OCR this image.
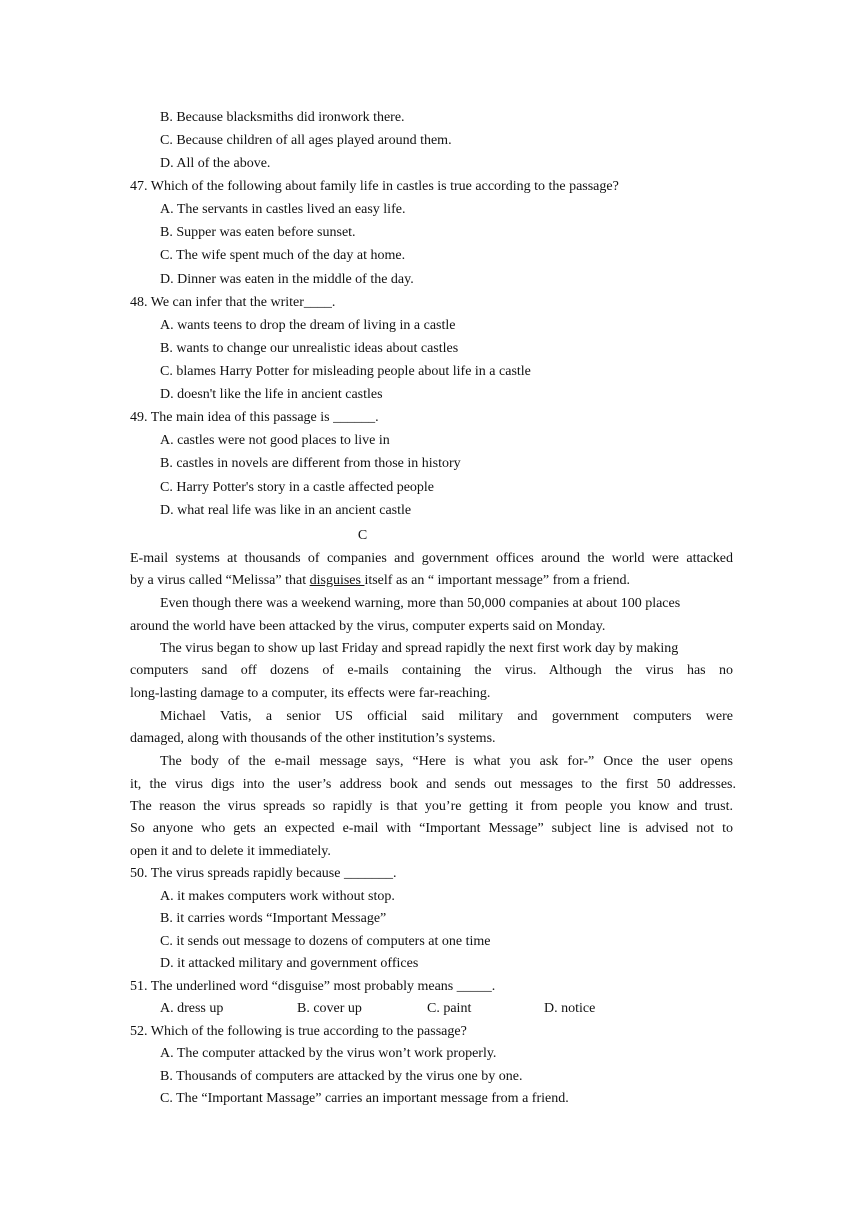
B. Because blacksmiths did ironwork there.
C. Because children of all ages played around them.
D. All of the above.
47. Which of the following about family life in castles is true according to the passage?
A. The servants in castles lived an easy life.
B. Supper was eaten before sunset.
C. The wife spent much of the day at home.
D. Dinner was eaten in the middle of the day.
48. We can infer that the writer____.
A. wants teens to drop the dream of living in a castle
B. wants to change our unrealistic ideas about castles
C. blames Harry Potter for misleading people about life in a castle
D. doesn't like the life in ancient castles
49. The main idea of this passage is ______.
A. castles were not good places to live in
B. castles in novels are different from those in history
C. Harry Potter's story in a castle affected people
D. what real life was like in an ancient castle
C
E-mail systems at thousands of companies and government offices around the world were attacked
by a virus called “Melissa” that disguises itself as an “ important message” from a friend.
Even though there was a weekend warning, more than 50,000 companies at about 100 places
around the world have been attacked by the virus, computer experts said on Monday.
The virus began to show up last Friday and spread rapidly the next first work day by making
computers sand off dozens of e-mails containing the virus. Although the virus has no
long-lasting damage to a computer, its effects were far-reaching.
Michael Vatis, a senior US official said military and government computers were
damaged, along with thousands of the other institution’s systems.
The body of the e-mail message says, “Here is what you ask for-” Once the user opens
it, the virus digs into the user’s address book and sends out messages to the first 50 addresses.
The reason the virus spreads so rapidly is that you’re getting it from people you know and trust.
So anyone who gets an expected e-mail with “Important Message” subject line is advised not to
open it and to delete it immediately.
50. The virus spreads rapidly because _______.
A. it makes computers work without stop.
B. it carries words “Important Message”
C. it sends out message to dozens of computers at one time
D. it attacked military and government offices
51. The underlined word “disguise” most probably means _____.
A. dress up	B. cover up	C. paint	D. notice
52. Which of the following is true according to the passage?
A. The computer attacked by the virus won’t work properly.
B. Thousands of computers are attacked by the virus one by one.
C. The “Important Massage” carries an important message from a friend.
